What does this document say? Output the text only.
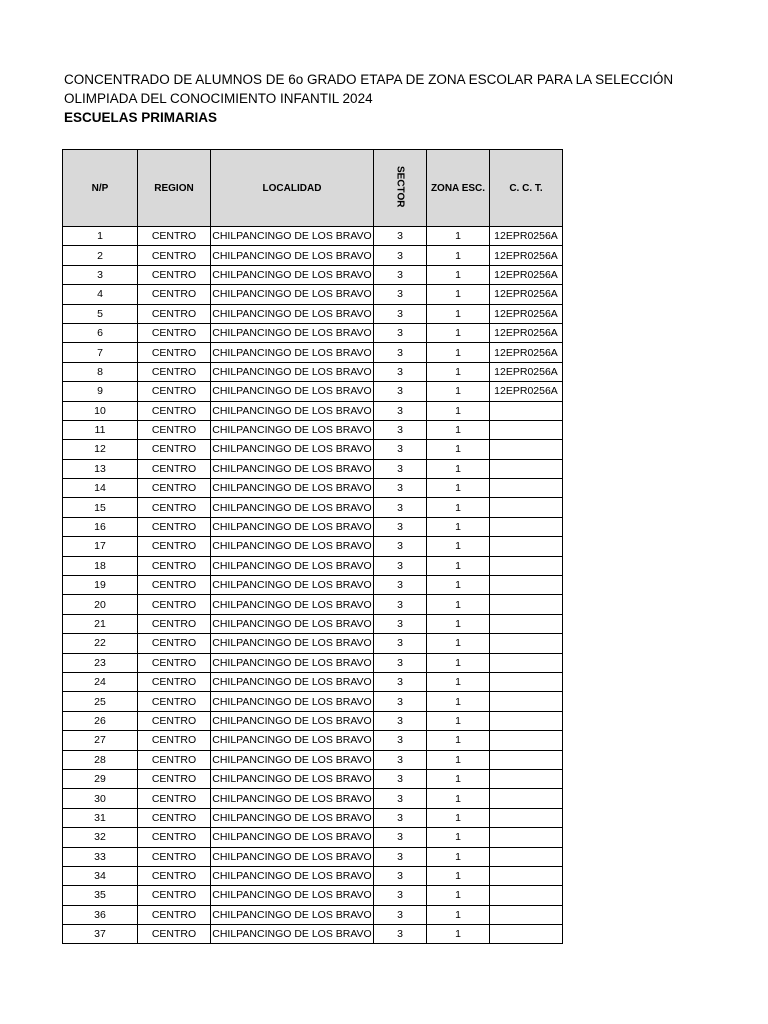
CONCENTRADO DE ALUMNOS DE 6o GRADO ETAPA DE ZONA ESCOLAR PARA LA SELECCIÓN
OLIMPIADA DEL CONOCIMIENTO INFANTIL 2024
ESCUELAS PRIMARIAS
N/P	REGION	LOCALIDAD	SECTOR	ZONA ESC.	C. C. T.
1	CENTRO	CHILPANCINGO DE LOS BRAVO	3	1	12EPR0256A
2	CENTRO	CHILPANCINGO DE LOS BRAVO	3	1	12EPR0256A
3	CENTRO	CHILPANCINGO DE LOS BRAVO	3	1	12EPR0256A
4	CENTRO	CHILPANCINGO DE LOS BRAVO	3	1	12EPR0256A
5	CENTRO	CHILPANCINGO DE LOS BRAVO	3	1	12EPR0256A
6	CENTRO	CHILPANCINGO DE LOS BRAVO	3	1	12EPR0256A
7	CENTRO	CHILPANCINGO DE LOS BRAVO	3	1	12EPR0256A
8	CENTRO	CHILPANCINGO DE LOS BRAVO	3	1	12EPR0256A
9	CENTRO	CHILPANCINGO DE LOS BRAVO	3	1	12EPR0256A
10	CENTRO	CHILPANCINGO DE LOS BRAVO	3	1	
11	CENTRO	CHILPANCINGO DE LOS BRAVO	3	1	
12	CENTRO	CHILPANCINGO DE LOS BRAVO	3	1	
13	CENTRO	CHILPANCINGO DE LOS BRAVO	3	1	
14	CENTRO	CHILPANCINGO DE LOS BRAVO	3	1	
15	CENTRO	CHILPANCINGO DE LOS BRAVO	3	1	
16	CENTRO	CHILPANCINGO DE LOS BRAVO	3	1	
17	CENTRO	CHILPANCINGO DE LOS BRAVO	3	1	
18	CENTRO	CHILPANCINGO DE LOS BRAVO	3	1	
19	CENTRO	CHILPANCINGO DE LOS BRAVO	3	1	
20	CENTRO	CHILPANCINGO DE LOS BRAVO	3	1	
21	CENTRO	CHILPANCINGO DE LOS BRAVO	3	1	
22	CENTRO	CHILPANCINGO DE LOS BRAVO	3	1	
23	CENTRO	CHILPANCINGO DE LOS BRAVO	3	1	
24	CENTRO	CHILPANCINGO DE LOS BRAVO	3	1	
25	CENTRO	CHILPANCINGO DE LOS BRAVO	3	1	
26	CENTRO	CHILPANCINGO DE LOS BRAVO	3	1	
27	CENTRO	CHILPANCINGO DE LOS BRAVO	3	1	
28	CENTRO	CHILPANCINGO DE LOS BRAVO	3	1	
29	CENTRO	CHILPANCINGO DE LOS BRAVO	3	1	
30	CENTRO	CHILPANCINGO DE LOS BRAVO	3	1	
31	CENTRO	CHILPANCINGO DE LOS BRAVO	3	1	
32	CENTRO	CHILPANCINGO DE LOS BRAVO	3	1	
33	CENTRO	CHILPANCINGO DE LOS BRAVO	3	1	
34	CENTRO	CHILPANCINGO DE LOS BRAVO	3	1	
35	CENTRO	CHILPANCINGO DE LOS BRAVO	3	1	
36	CENTRO	CHILPANCINGO DE LOS BRAVO	3	1	
37	CENTRO	CHILPANCINGO DE LOS BRAVO	3	1	
